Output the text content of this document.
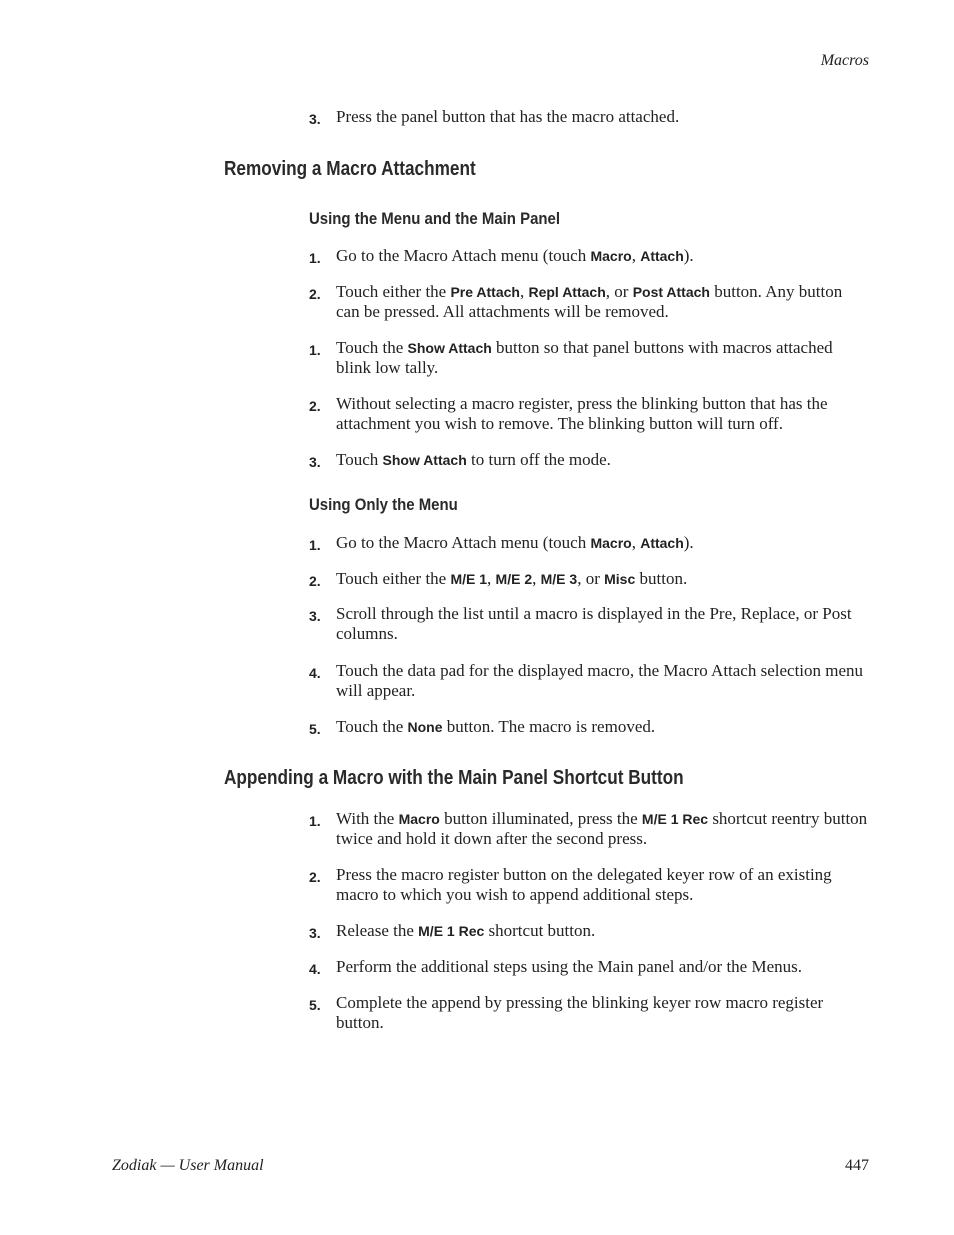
Macros
3. Press the panel button that has the macro attached.
Removing a Macro Attachment
Using the Menu and the Main Panel
1. Go to the Macro Attach menu (touch Macro, Attach).
2. Touch either the Pre Attach, Repl Attach, or Post Attach button. Any button can be pressed. All attachments will be removed.
1. Touch the Show Attach button so that panel buttons with macros attached blink low tally.
2. Without selecting a macro register, press the blinking button that has the attachment you wish to remove. The blinking button will turn off.
3. Touch Show Attach to turn off the mode.
Using Only the Menu
1. Go to the Macro Attach menu (touch Macro, Attach).
2. Touch either the M/E 1, M/E 2, M/E 3, or Misc button.
3. Scroll through the list until a macro is displayed in the Pre, Replace, or Post columns.
4. Touch the data pad for the displayed macro, the Macro Attach selection menu will appear.
5. Touch the None button. The macro is removed.
Appending a Macro with the Main Panel Shortcut Button
1. With the Macro button illuminated, press the M/E 1 Rec shortcut reentry button twice and hold it down after the second press.
2. Press the macro register button on the delegated keyer row of an existing macro to which you wish to append additional steps.
3. Release the M/E 1 Rec shortcut button.
4. Perform the additional steps using the Main panel and/or the Menus.
5. Complete the append by pressing the blinking keyer row macro register button.
Zodiak — User Manual	447
